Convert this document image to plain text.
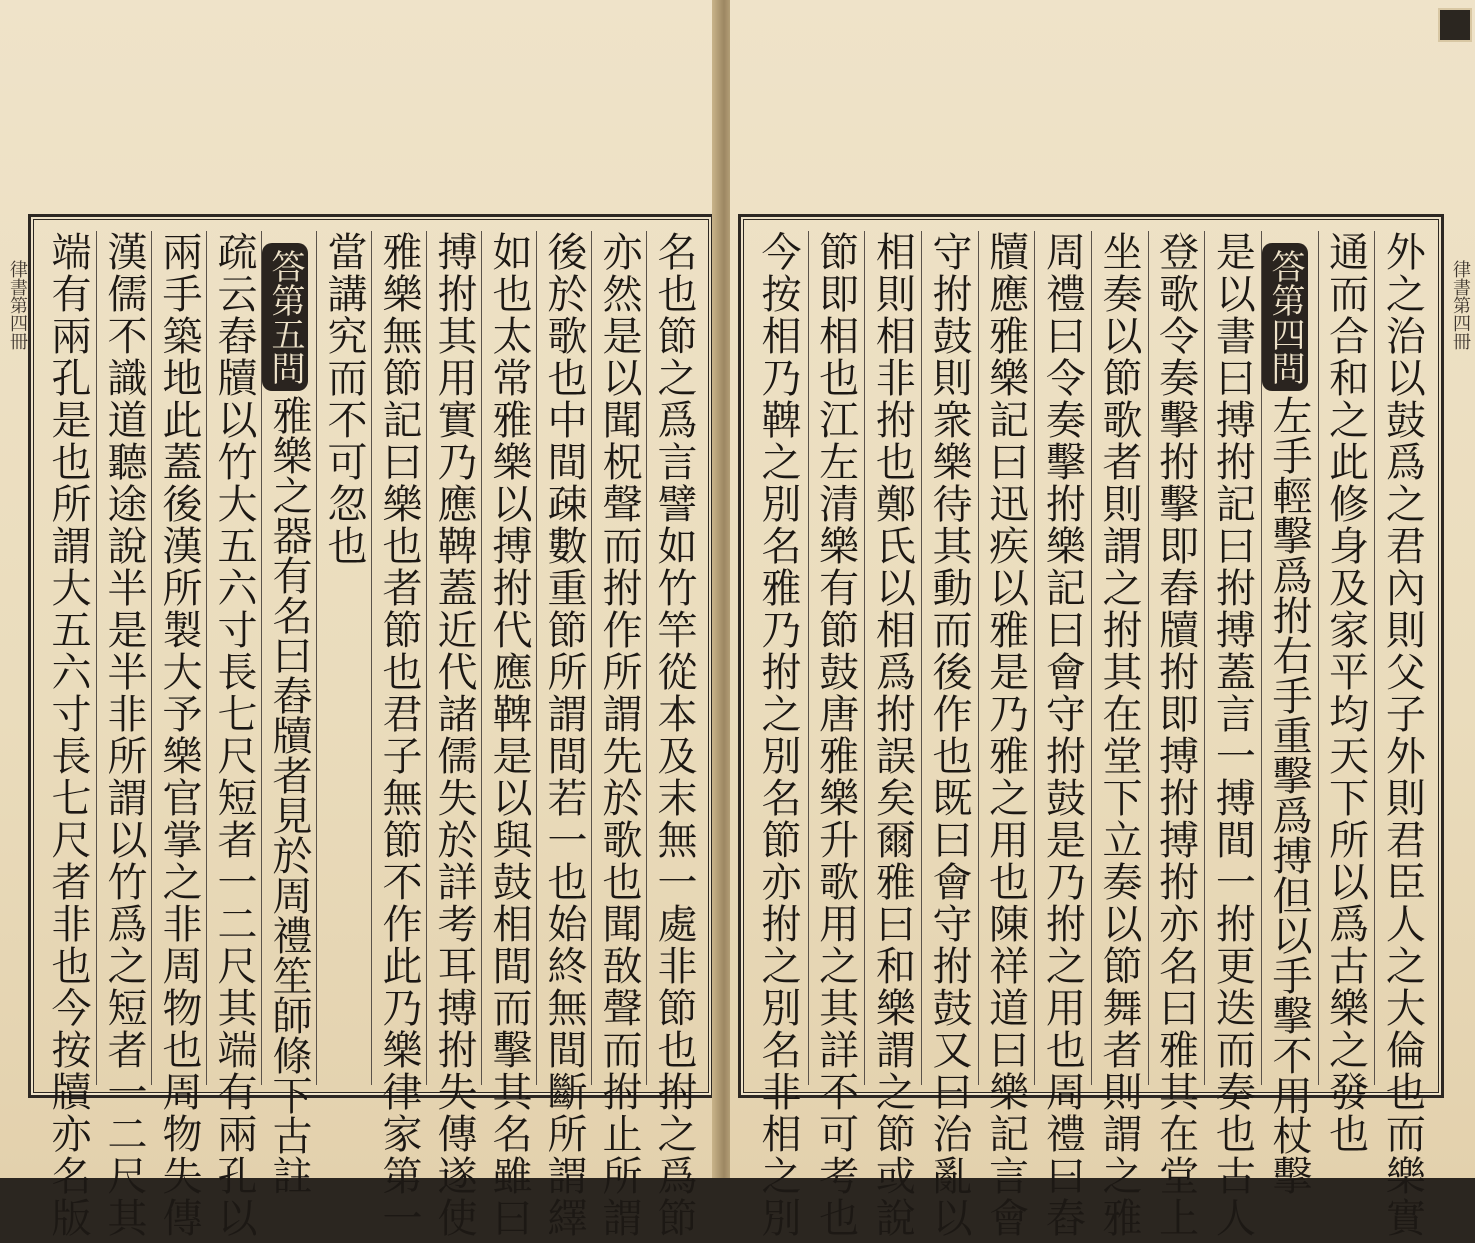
律書第四冊	名也節之爲言譬如竹竿從本及末無一處非節也拊之爲節
亦然是以聞柷聲而拊作所謂先於歌也聞敔聲而拊止所謂
後於歌也中間疎數重節所謂間若一也始終無間斷所謂繹
如也太常雅樂以搏拊代應鞞是以與鼓相間而擊其名雖曰
搏拊其用實乃應鞞蓋近代諸儒失於詳考耳搏拊失傳遂使
雅樂無節記曰樂也者節也君子無節不作此乃樂律家第一
當講究而不可忽也
答第五問雅樂之器有名曰舂牘者見於周禮笙師條下古註
疏云舂牘以竹大五六寸長七尺短者一二尺其端有兩孔以
兩手築地此蓋後漢所製大予樂官掌之非周物也周物失傳
漢儒不識道聽途說半是半非所謂以竹爲之短者一二尺其
端有兩孔是也所謂大五六寸長七尺者非也今按牘亦名版	律書第四冊
外之治以鼓爲之君內則父子外則君臣人之大倫也而樂實
通而合和之此修身及家平均天下所以爲古樂之發也
答第四問左手輕擊爲拊右手重擊爲搏但以手擊不用杖擊
是以書曰搏拊記曰拊搏蓋言一搏間一拊更迭而奏也古人
登歌令奏擊拊擊即舂牘拊即搏拊搏拊亦名曰雅其在堂上
坐奏以節歌者則謂之拊其在堂下立奏以節舞者則謂之雅
周禮曰令奏擊拊樂記曰會守拊鼓是乃拊之用也周禮曰舂
牘應雅樂記曰迅疾以雅是乃雅之用也陳祥道曰樂記言會
守拊鼓則衆樂待其動而後作也既曰會守拊鼓又曰治亂以
相則相非拊也鄭氏以相爲拊誤矣爾雅曰和樂謂之節或說
節即相也江左清樂有節鼓唐雅樂升歌用之其詳不可考也
今按相乃鞞之別名雅乃拊之別名節亦拊之別名非相之別
